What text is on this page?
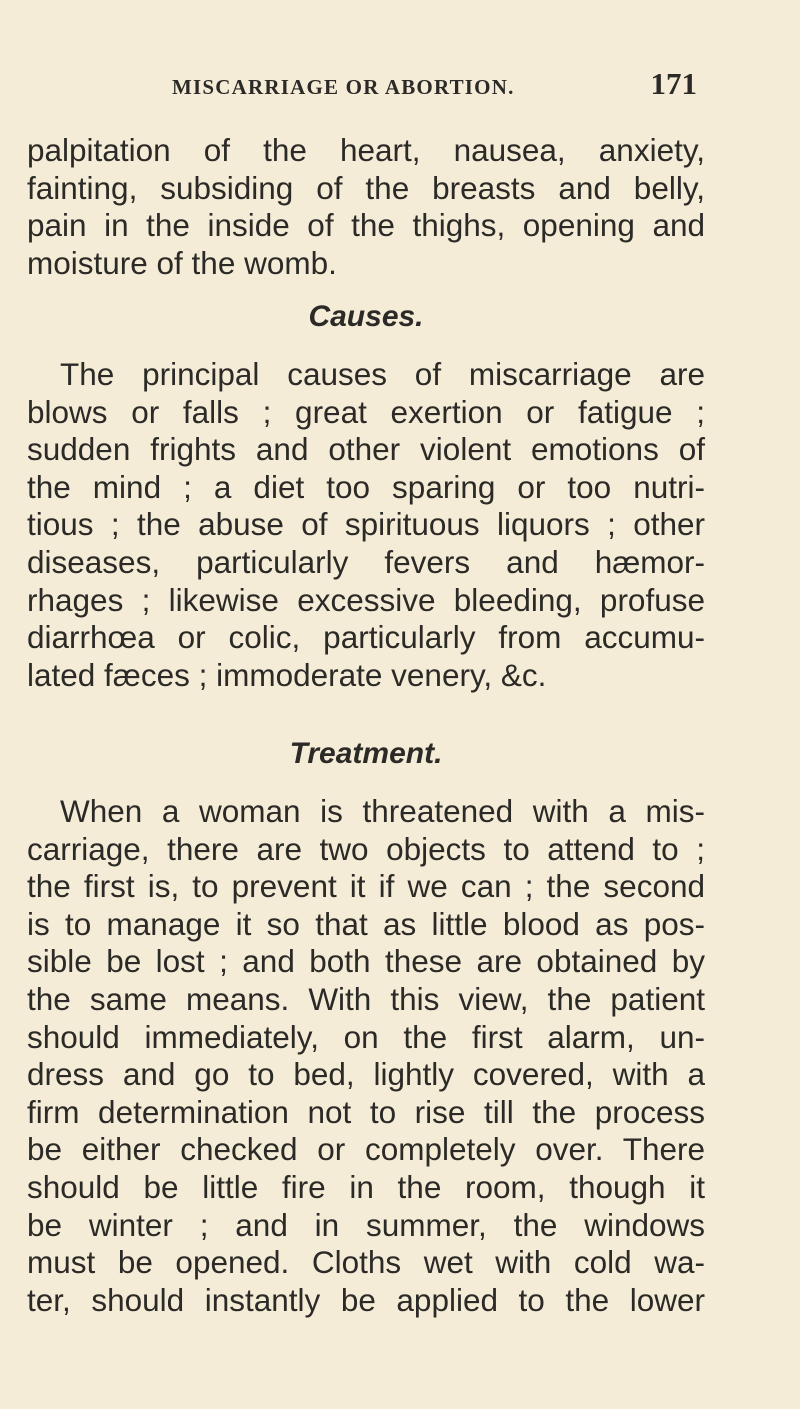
MISCARRIAGE OR ABORTION.	171
palpitation of the heart, nausea, anxiety,
fainting, subsiding of the breasts and belly,
pain in the inside of the thighs, opening and
moisture of the womb.
Causes.
The principal causes of miscarriage are
blows or falls ; great exertion or fatigue ;
sudden frights and other violent emotions of
the mind ; a diet too sparing or too nutri-
tious ; the abuse of spirituous liquors ; other
diseases, particularly fevers and hæmor-
rhages ; likewise excessive bleeding, profuse
diarrhœa or colic, particularly from accumu-
lated fæces ; immoderate venery, &c.
Treatment.
When a woman is threatened with a mis-
carriage, there are two objects to attend to ;
the first is, to prevent it if we can ; the second
is to manage it so that as little blood as pos-
sible be lost ; and both these are obtained by
the same means. With this view, the patient
should immediately, on the first alarm, un-
dress and go to bed, lightly covered, with a
firm determination not to rise till the process
be either checked or completely over. There
should be little fire in the room, though it
be winter ; and in summer, the windows
must be opened. Cloths wet with cold wa-
ter, should instantly be applied to the lower
